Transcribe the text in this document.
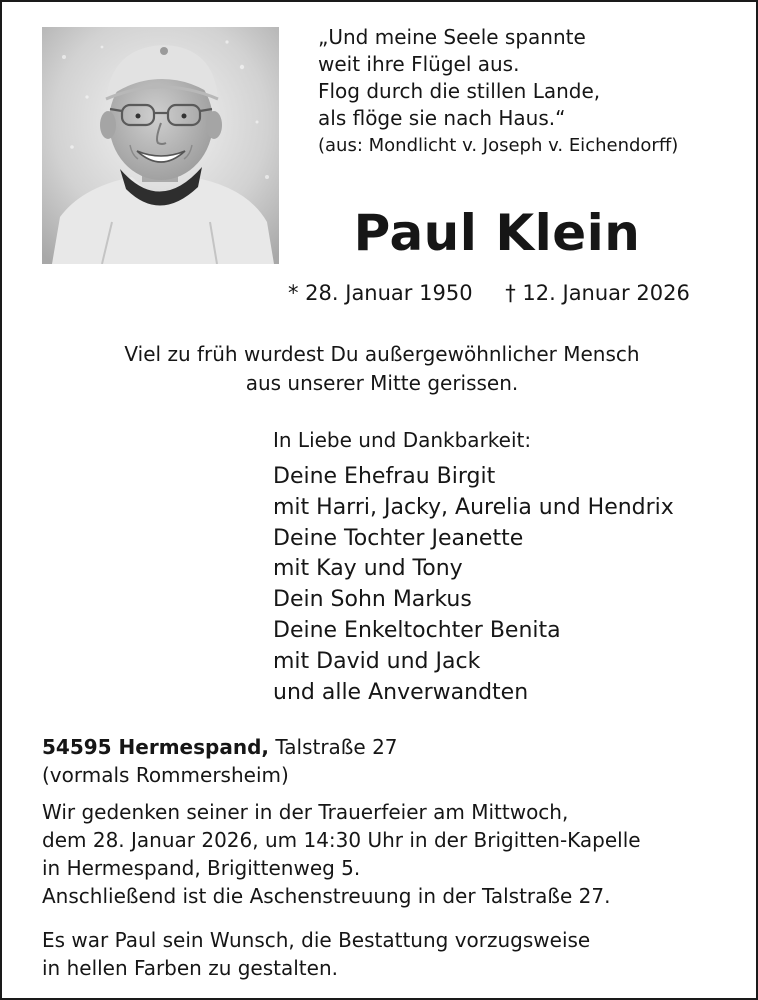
„Und meine Seele spannte
weit ihre Flügel aus.
Flog durch die stillen Lande,
als flöge sie nach Haus.“
(aus: Mondlicht v. Joseph v. Eichendorff)
Paul Klein
* 28. Januar 1950 † 12. Januar 2026
Viel zu früh wurdest Du außergewöhnlicher Mensch
aus unserer Mitte gerissen.
In Liebe und Dankbarkeit:
Deine Ehefrau Birgit
mit Harri, Jacky, Aurelia und Hendrix
Deine Tochter Jeanette
mit Kay und Tony
Dein Sohn Markus
Deine Enkeltochter Benita
mit David und Jack
und alle Anverwandten
54595 Hermespand, Talstraße 27
(vormals Rommersheim)
Wir gedenken seiner in der Trauerfeier am Mittwoch,
dem 28. Januar 2026, um 14:30 Uhr in der Brigitten-Kapelle
in Hermespand, Brigittenweg 5.
Anschließend ist die Aschenstreuung in der Talstraße 27.
Es war Paul sein Wunsch, die Bestattung vorzugsweise
in hellen Farben zu gestalten.
